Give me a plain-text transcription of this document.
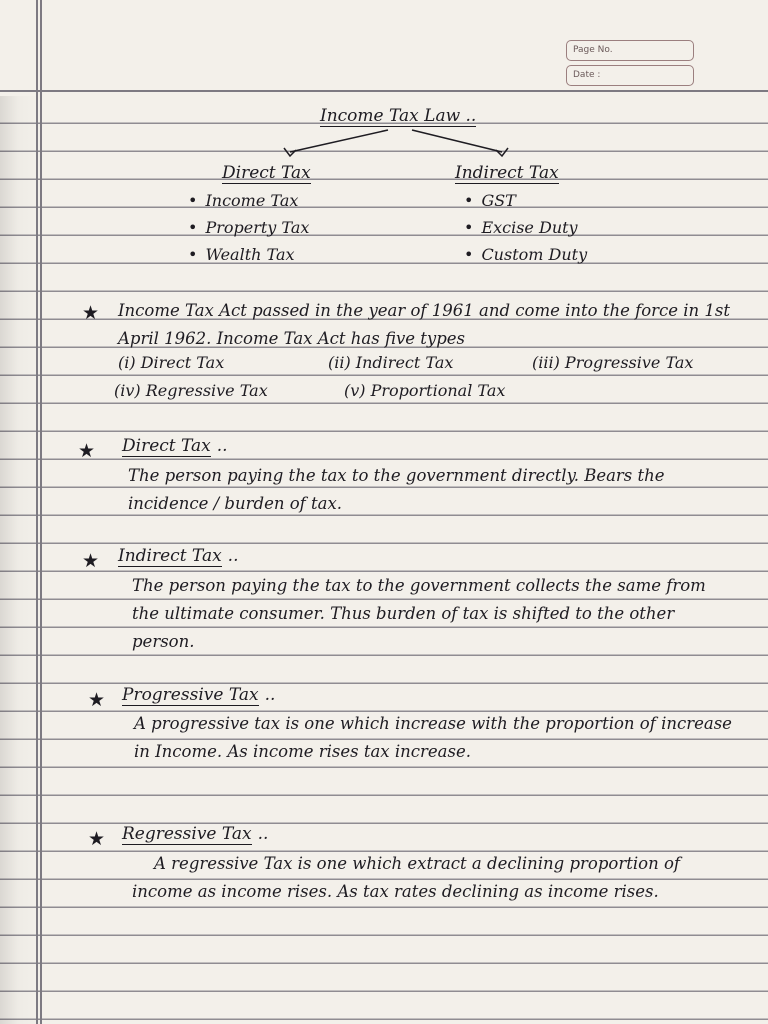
Page No.
Date :
Income Tax Law ..
Direct Tax
• Income Tax
• Property Tax
• Wealth Tax
Indirect Tax
• GST
• Excise Duty
• Custom Duty
★ Income Tax Act passed in the year of 1961 and come into the force in 1st April 1962. Income Tax Act has five types

(i) Direct Tax	(ii) Indirect Tax	(iii) Progressive Tax
(iv) Regressive Tax	(v) Proportional Tax
★ Direct Tax ..

The person paying the tax to the government directly. Bears the incidence / burden of tax.

★ Indirect Tax ..

The person paying the tax to the government collects the same from the ultimate consumer. Thus burden of tax is shifted to the other person.

★ Progressive Tax ..

A progressive tax is one which increase with the proportion of increase in Income. As income rises tax increase.

★ Regressive Tax ..

A regressive Tax is one which extract a declining proportion of income as income rises. As tax rates declining as income rises.
